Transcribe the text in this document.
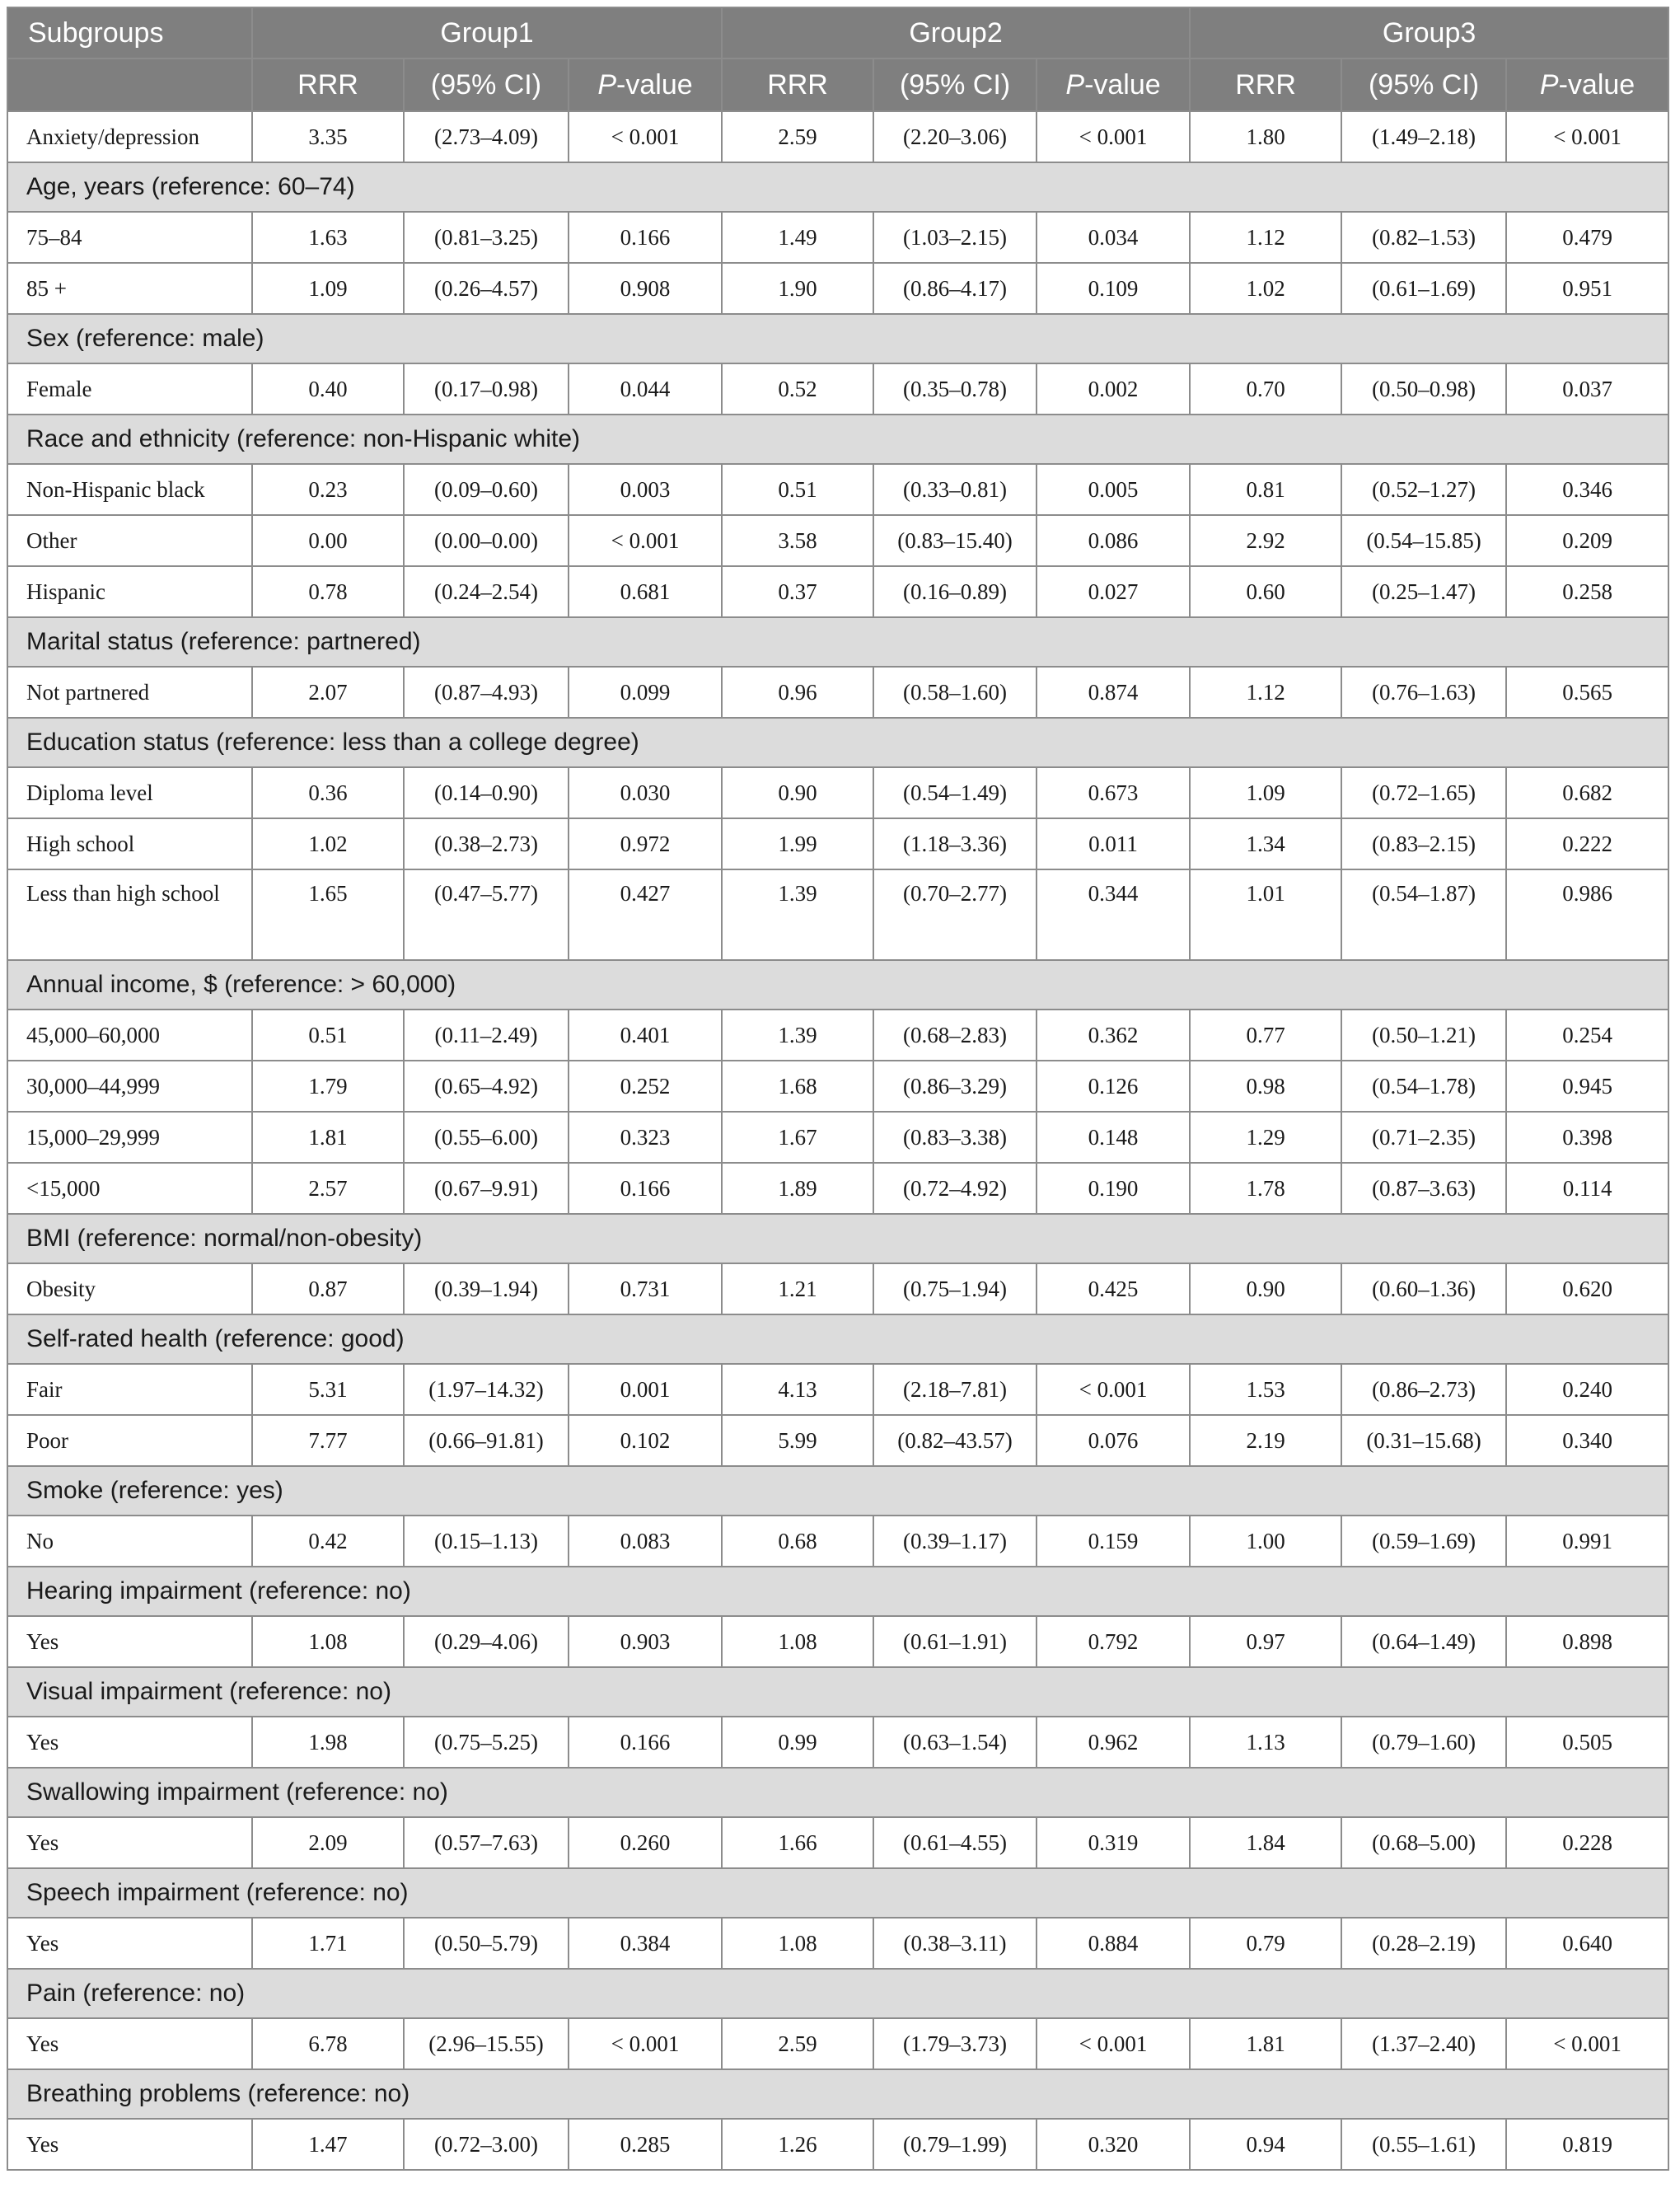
Subgroups	Group1			Group2			Group3		
	RRR	(95% CI)	P-value	RRR	(95% CI)	P-value	RRR	(95% CI)	P-value
Anxiety/depression	3.35	(2.73–4.09)	< 0.001	2.59	(2.20–3.06)	< 0.001	1.80	(1.49–2.18)	< 0.001
Age, years (reference: 60–74)									
75–84	1.63	(0.81–3.25)	0.166	1.49	(1.03–2.15)	0.034	1.12	(0.82–1.53)	0.479
85 +	1.09	(0.26–4.57)	0.908	1.90	(0.86–4.17)	0.109	1.02	(0.61–1.69)	0.951
Sex (reference: male)									
Female	0.40	(0.17–0.98)	0.044	0.52	(0.35–0.78)	0.002	0.70	(0.50–0.98)	0.037
Race and ethnicity (reference: non-Hispanic white)									
Non-Hispanic black	0.23	(0.09–0.60)	0.003	0.51	(0.33–0.81)	0.005	0.81	(0.52–1.27)	0.346
Other	0.00	(0.00–0.00)	< 0.001	3.58	(0.83–15.40)	0.086	2.92	(0.54–15.85)	0.209
Hispanic	0.78	(0.24–2.54)	0.681	0.37	(0.16–0.89)	0.027	0.60	(0.25–1.47)	0.258
Marital status (reference: partnered)									
Not partnered	2.07	(0.87–4.93)	0.099	0.96	(0.58–1.60)	0.874	1.12	(0.76–1.63)	0.565
Education status (reference: less than a college degree)									
Diploma level	0.36	(0.14–0.90)	0.030	0.90	(0.54–1.49)	0.673	1.09	(0.72–1.65)	0.682
High school	1.02	(0.38–2.73)	0.972	1.99	(1.18–3.36)	0.011	1.34	(0.83–2.15)	0.222
Less than high school	1.65	(0.47–5.77)	0.427	1.39	(0.70–2.77)	0.344	1.01	(0.54–1.87)	0.986
Annual income, $ (reference: > 60,000)									
45,000–60,000	0.51	(0.11–2.49)	0.401	1.39	(0.68–2.83)	0.362	0.77	(0.50–1.21)	0.254
30,000–44,999	1.79	(0.65–4.92)	0.252	1.68	(0.86–3.29)	0.126	0.98	(0.54–1.78)	0.945
15,000–29,999	1.81	(0.55–6.00)	0.323	1.67	(0.83–3.38)	0.148	1.29	(0.71–2.35)	0.398
<15,000	2.57	(0.67–9.91)	0.166	1.89	(0.72–4.92)	0.190	1.78	(0.87–3.63)	0.114
BMI (reference: normal/non-obesity)									
Obesity	0.87	(0.39–1.94)	0.731	1.21	(0.75–1.94)	0.425	0.90	(0.60–1.36)	0.620
Self-rated health (reference: good)									
Fair	5.31	(1.97–14.32)	0.001	4.13	(2.18–7.81)	< 0.001	1.53	(0.86–2.73)	0.240
Poor	7.77	(0.66–91.81)	0.102	5.99	(0.82–43.57)	0.076	2.19	(0.31–15.68)	0.340
Smoke (reference: yes)									
No	0.42	(0.15–1.13)	0.083	0.68	(0.39–1.17)	0.159	1.00	(0.59–1.69)	0.991
Hearing impairment (reference: no)									
Yes	1.08	(0.29–4.06)	0.903	1.08	(0.61–1.91)	0.792	0.97	(0.64–1.49)	0.898
Visual impairment (reference: no)									
Yes	1.98	(0.75–5.25)	0.166	0.99	(0.63–1.54)	0.962	1.13	(0.79–1.60)	0.505
Swallowing impairment (reference: no)									
Yes	2.09	(0.57–7.63)	0.260	1.66	(0.61–4.55)	0.319	1.84	(0.68–5.00)	0.228
Speech impairment (reference: no)									
Yes	1.71	(0.50–5.79)	0.384	1.08	(0.38–3.11)	0.884	0.79	(0.28–2.19)	0.640
Pain (reference: no)									
Yes	6.78	(2.96–15.55)	< 0.001	2.59	(1.79–3.73)	< 0.001	1.81	(1.37–2.40)	< 0.001
Breathing problems (reference: no)									
Yes	1.47	(0.72–3.00)	0.285	1.26	(0.79–1.99)	0.320	0.94	(0.55–1.61)	0.819
